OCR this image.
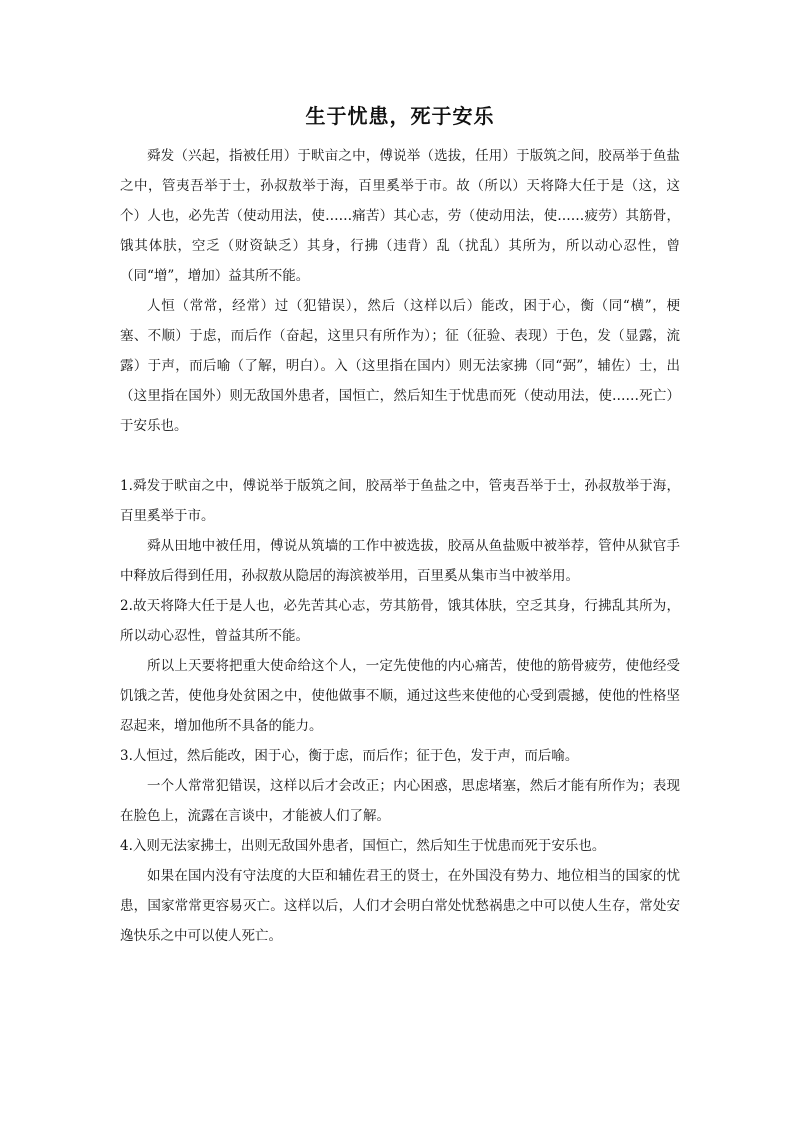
生于忧患，死于安乐

舜发（兴起，指被任用）于畎亩之中，傅说举（选拔，任用）于版筑之间，胶鬲举于鱼盐之中，管夷吾举于士，孙叔敖举于海，百里奚举于市。故（所以）天将降大任于是（这，这个）人也，必先苦（使动用法，使……痛苦）其心志，劳（使动用法，使……疲劳）其筋骨，饿其体肤，空乏（财资缺乏）其身，行拂（违背）乱（扰乱）其所为，所以动心忍性，曾（同“增”，增加）益其所不能。

人恒（常常，经常）过（犯错误），然后（这样以后）能改，困于心，衡（同“横”，梗塞、不顺）于虑，而后作（奋起，这里只有所作为）；征（征验、表现）于色，发（显露，流露）于声，而后喻（了解，明白）。入（这里指在国内）则无法家拂（同“弼”，辅佐）士，出（这里指在国外）则无敌国外患者，国恒亡，然后知生于忧患而死（使动用法，使……死亡）于安乐也。

1.舜发于畎亩之中，傅说举于版筑之间，胶鬲举于鱼盐之中，管夷吾举于士，孙叔敖举于海，百里奚举于市。

舜从田地中被任用，傅说从筑墙的工作中被选拔，胶鬲从鱼盐贩中被举荐，管仲从狱官手中释放后得到任用，孙叔敖从隐居的海滨被举用，百里奚从集市当中被举用。

2.故天将降大任于是人也，必先苦其心志，劳其筋骨，饿其体肤，空乏其身，行拂乱其所为，所以动心忍性，曾益其所不能。

所以上天要将把重大使命给这个人，一定先使他的内心痛苦，使他的筋骨疲劳，使他经受饥饿之苦，使他身处贫困之中，使他做事不顺，通过这些来使他的心受到震撼，使他的性格坚忍起来，增加他所不具备的能力。

3.人恒过，然后能改，困于心，衡于虑，而后作；征于色，发于声，而后喻。

一个人常常犯错误，这样以后才会改正；内心困惑，思虑堵塞，然后才能有所作为；表现在脸色上，流露在言谈中，才能被人们了解。

4.入则无法家拂士，出则无敌国外患者，国恒亡，然后知生于忧患而死于安乐也。

如果在国内没有守法度的大臣和辅佐君王的贤士，在外国没有势力、地位相当的国家的忧患，国家常常更容易灭亡。这样以后，人们才会明白常处忧愁祸患之中可以使人生存，常处安逸快乐之中可以使人死亡。
